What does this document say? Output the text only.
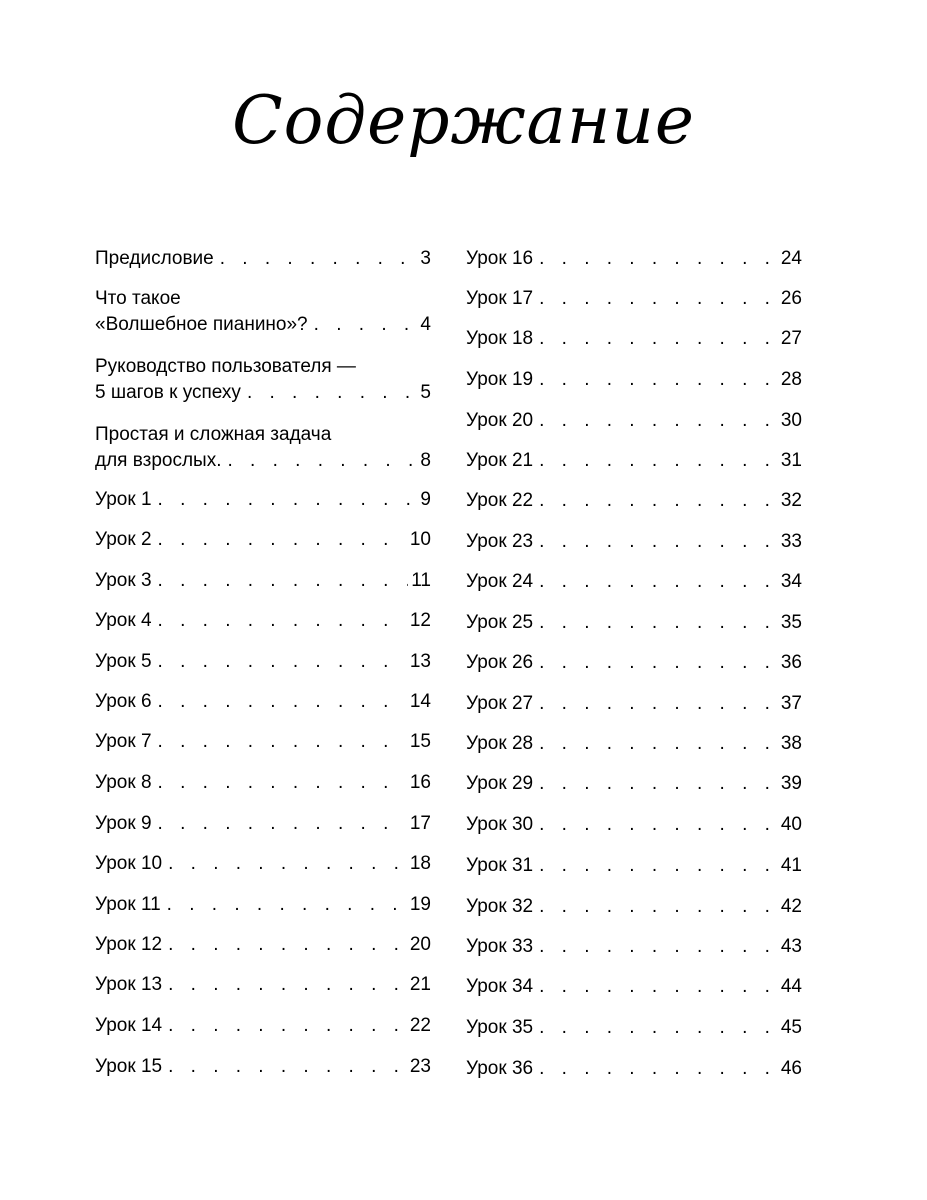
Содержание
Предисловие . . .	3
Что такое
«Волшебное пианино»? . . .	4
Руководство пользователя —
5 шагов к успеху . . .	5
Простая и сложная задача
для взрослых. . . .	8
Урок 1 . . .	9
Урок 2 . . .	10
Урок 3 . . .	11
Урок 4 . . .	12
Урок 5 . . .	13
Урок 6 . . .	14
Урок 7 . . .	15
Урок 8 . . .	16
Урок 9 . . .	17
Урок 10 . . .	18
Урок 11 . . .	19
Урок 12 . . .	20
Урок 13 . . .	21
Урок 14 . . .	22
Урок 15 . . .	23
Урок 16 . . .	24
Урок 17 . . .	26
Урок 18 . . .	27
Урок 19 . . .	28
Урок 20 . . .	30
Урок 21 . . .	31
Урок 22 . . .	32
Урок 23 . . .	33
Урок 24 . . .	34
Урок 25 . . .	35
Урок 26 . . .	36
Урок 27 . . .	37
Урок 28 . . .	38
Урок 29 . . .	39
Урок 30 . . .	40
Урок 31 . . .	41
Урок 32 . . .	42
Урок 33 . . .	43
Урок 34 . . .	44
Урок 35 . . .	45
Урок 36 . . .	46
